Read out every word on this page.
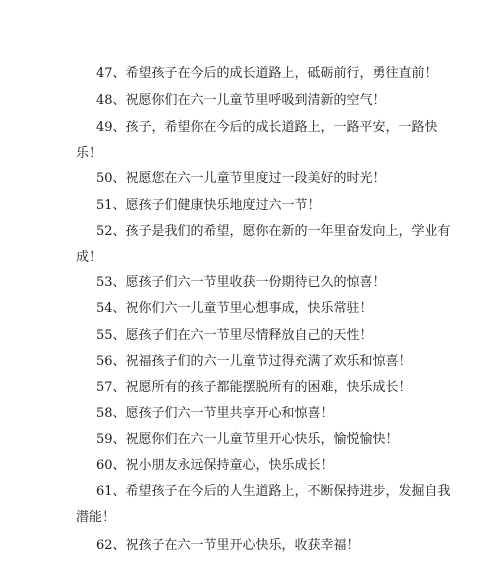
47、希望孩子在今后的成长道路上，砥砺前行，勇往直前！

48、祝愿你们在六一儿童节里呼吸到清新的空气！

49、孩子，希望你在今后的成长道路上，一路平安，一路快
乐！

50、祝愿您在六一儿童节里度过一段美好的时光！

51、愿孩子们健康快乐地度过六一节！

52、孩子是我们的希望，愿你在新的一年里奋发向上，学业有
成！

53、愿孩子们六一节里收获一份期待已久的惊喜！

54、祝你们六一儿童节里心想事成，快乐常驻！

55、愿孩子们在六一节里尽情释放自己的天性！

56、祝福孩子们的六一儿童节过得充满了欢乐和惊喜！

57、祝愿所有的孩子都能摆脱所有的困难，快乐成长！

58、愿孩子们六一节里共享开心和惊喜！

59、祝愿你们在六一儿童节里开心快乐，愉悦愉快！

60、祝小朋友永远保持童心，快乐成长！

61、希望孩子在今后的人生道路上，不断保持进步，发掘自我
潜能！

62、祝孩子在六一节里开心快乐，收获幸福！
